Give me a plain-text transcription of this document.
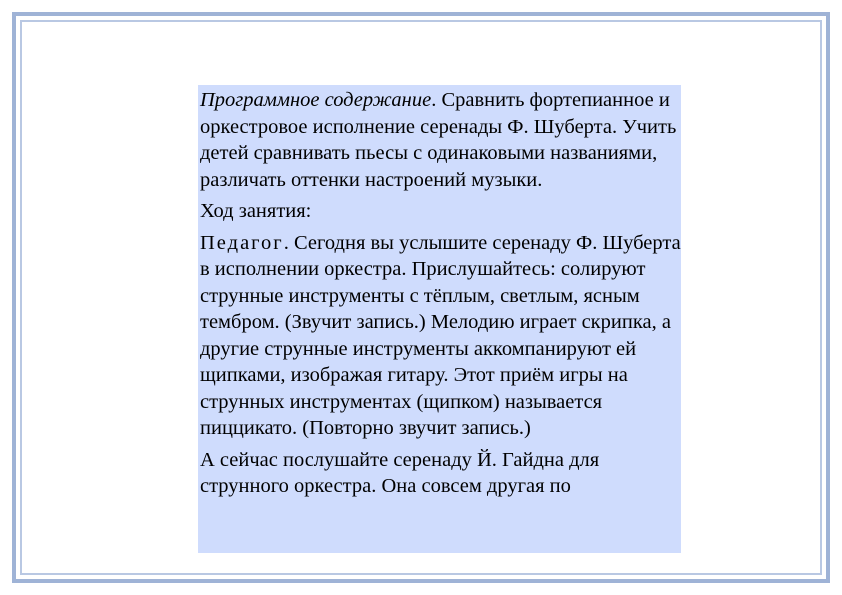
Программное содержание. Сравнить фортепианное и оркестровое исполнение серенады Ф. Шуберта. Учить детей сравнивать пьесы с одинаковыми названиями, различать оттенки настроений музыки.

Ход занятия:

Педагог. Сегодня вы услышите серенаду Ф. Шуберта в исполнении оркестра. Прислушайтесь: солируют струнные инструменты с тёплым, светлым, ясным тембром. (Звучит запись.) Мелодию играет скрипка, а другие струнные инструменты аккомпанируют ей щипками, изображая гитару. Этот приём игры на струнных инструментах (щипком) называется пиццикато. (Повторно звучит запись.)

А сейчас послушайте серенаду Й. Гайдна для струнного оркестра. Она совсем другая по
